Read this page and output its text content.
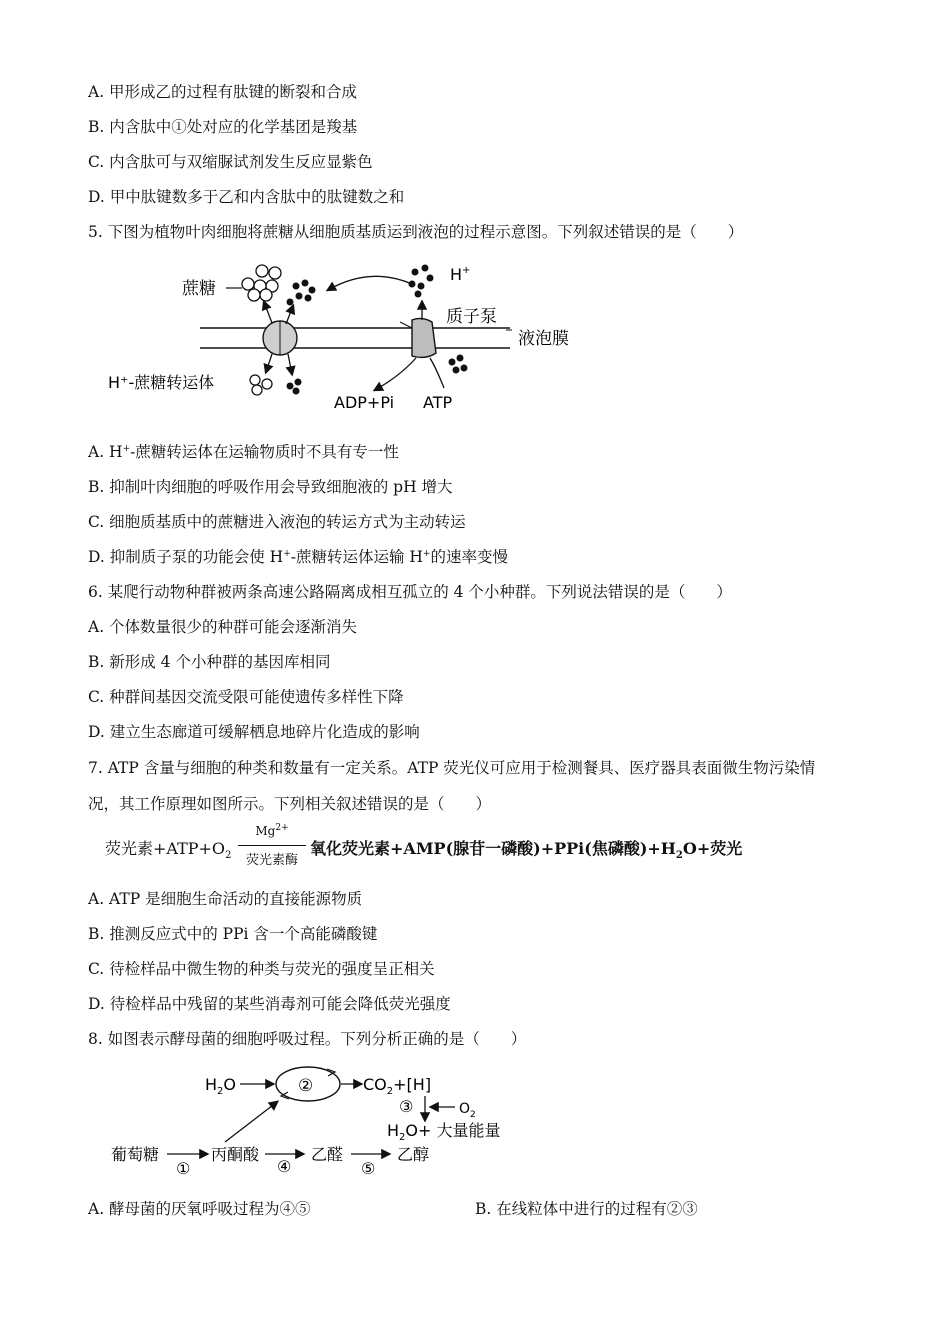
A. 甲形成乙的过程有肽键的断裂和合成
B. 内含肽中①处对应的化学基团是羧基
C. 内含肽可与双缩脲试剂发生反应显紫色
D. 甲中肽键数多于乙和内含肽中的肽键数之和
5. 下图为植物叶肉细胞将蔗糖从细胞质基质运到液泡的过程示意图。下列叙述错误的是（　　）
蔗糖
H+
质子泵
液泡膜
H⁺-蔗糖转运体
ADP+Pi ATP
A. H+-蔗糖转运体在运输物质时不具有专一性
B. 抑制叶肉细胞的呼吸作用会导致细胞液的 pH 增大
C. 细胞质基质中的蔗糖进入液泡的转运方式为主动转运
D. 抑制质子泵的功能会使 H+-蔗糖转运体运输 H+的速率变慢
6. 某爬行动物种群被两条高速公路隔离成相互孤立的 4 个小种群。下列说法错误的是（　　）
A. 个体数量很少的种群可能会逐渐消失
B. 新形成 4 个小种群的基因库相同
C. 种群间基因交流受限可能使遗传多样性下降
D. 建立生态廊道可缓解栖息地碎片化造成的影响
7. ATP 含量与细胞的种类和数量有一定关系。ATP 荧光仪可应用于检测餐具、医疗器具表面微生物污染情
况，其工作原理如图所示。下列相关叙述错误的是（　　）
荧光素$+ATP+O_2$
$Mg^{2+}$
荧光素酶
氧化荧光素+AMP(腺苷一磷酸)+PPi(焦磷酸)$+H_2O+$荧光
A. ATP 是细胞生命活动的直接能源物质
B. 推测反应式中的 PPi 含一个高能磷酸键
C. 待检样品中微生物的种类与荧光的强度呈正相关
D. 待检样品中残留的某些消毒剂可能会降低荧光强度
8. 如图表示酵母菌的细胞呼吸过程。下列分析正确的是（　　）
$H_2O$	②	$CO_2+[H]$
③	$O_2$
$H_2O+$ 大量能量
葡萄糖
①
丙酮酸
④
乙醛
⑤
乙醇
A. 酵母菌的厌氧呼吸过程为④⑤	B. 在线粒体中进行的过程有②③
